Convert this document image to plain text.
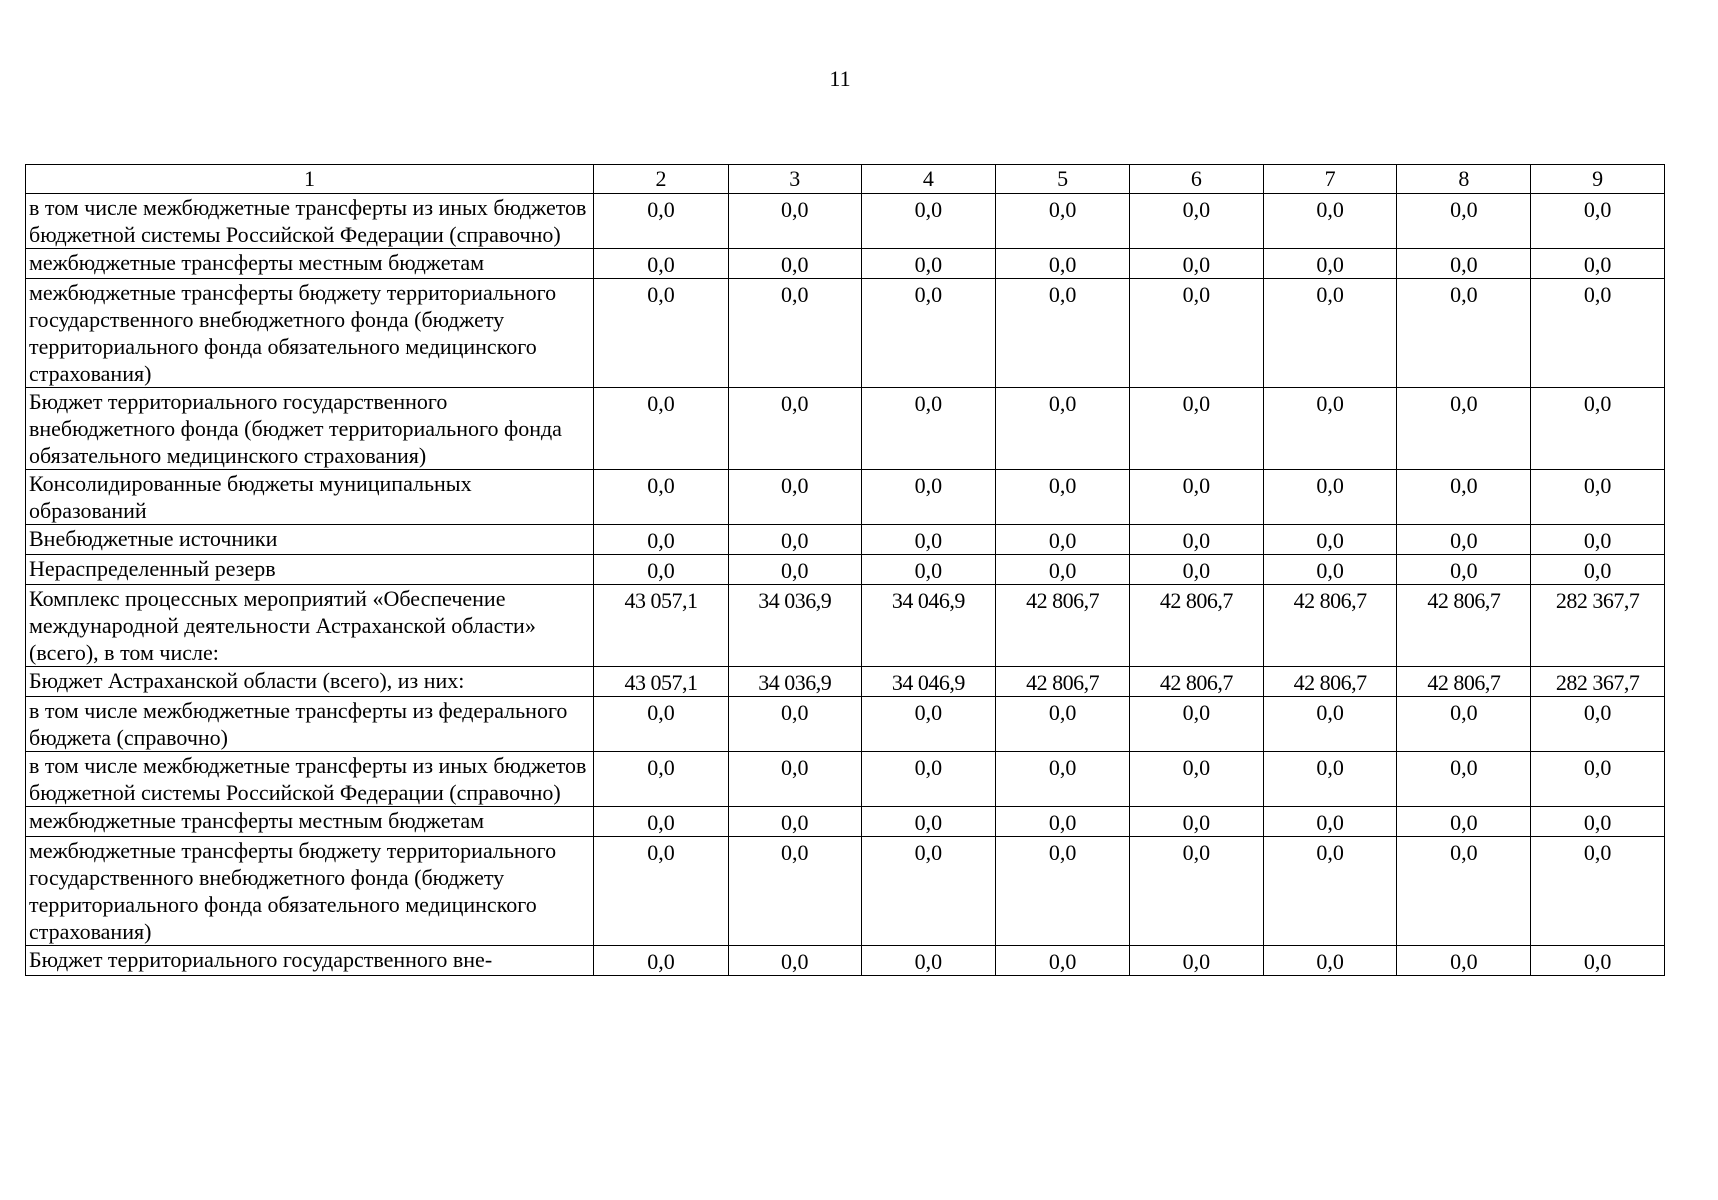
11
1	2	3	4	5	6	7	8	9
в том числе межбюджетные трансферты из иных бюджетов бюджетной системы Российской Федерации (справочно)	0,0	0,0	0,0	0,0	0,0	0,0	0,0	0,0
межбюджетные трансферты местным бюджетам	0,0	0,0	0,0	0,0	0,0	0,0	0,0	0,0
межбюджетные трансферты бюджету территориального государственного внебюджетного фонда (бюджету территориального фонда обязательного медицинского страхования)	0,0	0,0	0,0	0,0	0,0	0,0	0,0	0,0
Бюджет территориального государственного внебюджетного фонда (бюджет территориального фонда обязательного медицинского страхования)	0,0	0,0	0,0	0,0	0,0	0,0	0,0	0,0
Консолидированные бюджеты муниципальных образований	0,0	0,0	0,0	0,0	0,0	0,0	0,0	0,0
Внебюджетные источники	0,0	0,0	0,0	0,0	0,0	0,0	0,0	0,0
Нераспределенный резерв	0,0	0,0	0,0	0,0	0,0	0,0	0,0	0,0
Комплекс процессных мероприятий «Обеспечение международной деятельности Астраханской области» (всего), в том числе:	43 057,1	34 036,9	34 046,9	42 806,7	42 806,7	42 806,7	42 806,7	282 367,7
Бюджет Астраханской области (всего), из них:	43 057,1	34 036,9	34 046,9	42 806,7	42 806,7	42 806,7	42 806,7	282 367,7
в том числе межбюджетные трансферты из федерального бюджета (справочно)	0,0	0,0	0,0	0,0	0,0	0,0	0,0	0,0
в том числе межбюджетные трансферты из иных бюджетов бюджетной системы Российской Федерации (справочно)	0,0	0,0	0,0	0,0	0,0	0,0	0,0	0,0
межбюджетные трансферты местным бюджетам	0,0	0,0	0,0	0,0	0,0	0,0	0,0	0,0
межбюджетные трансферты бюджету территориального государственного внебюджетного фонда (бюджету территориального фонда обязательного медицинского страхования)	0,0	0,0	0,0	0,0	0,0	0,0	0,0	0,0
Бюджет территориального государственного вне-	0,0	0,0	0,0	0,0	0,0	0,0	0,0	0,0
